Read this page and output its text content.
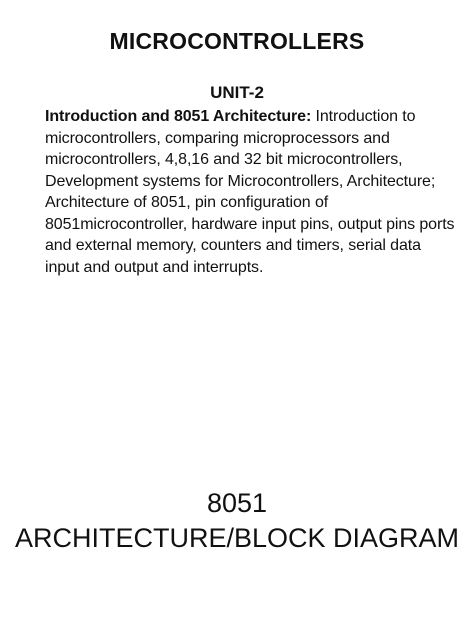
MICROCONTROLLERS
UNIT-2
Introduction and 8051 Architecture: Introduction to microcontrollers, comparing microprocessors and microcontrollers, 4,8,16 and 32 bit microcontrollers, Development systems for Microcontrollers, Architecture; Architecture of 8051, pin configuration of 8051microcontroller, hardware input pins, output pins ports and external memory, counters and timers, serial data input and output and interrupts.
8051
ARCHITECTURE/BLOCK DIAGRAM
